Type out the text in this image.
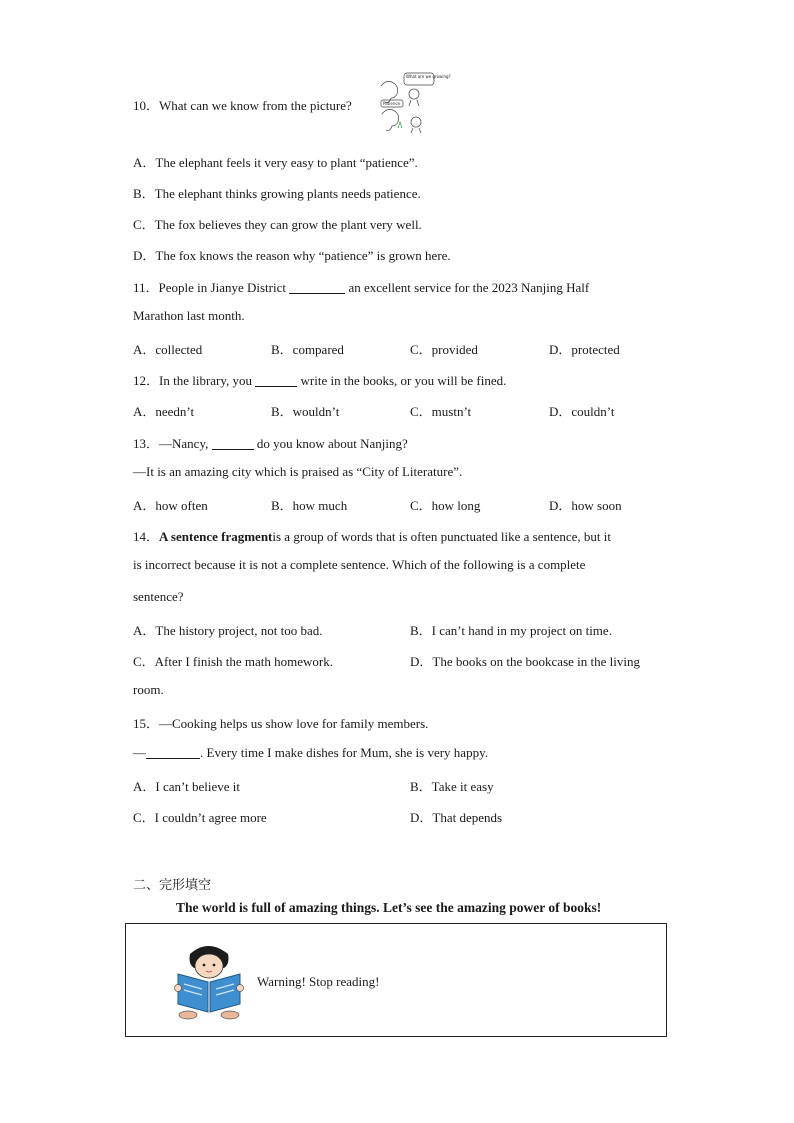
10．What can we know from the picture?
What are we growing?
Patience
A．The elephant feels it very easy to plant “patience”.
B．The elephant thinks growing plants needs patience.
C．The fox believes they can grow the plant very well.
D．The fox knows the reason why “patience” is grown here.
11．People in Jianye District	an excellent service for the 2023 Nanjing Half
Marathon last month.
A．collected	B．compared	C．provided	D．protected
12．In the library, you	write in the books, or you will be fined.
A．needn’t	B．wouldn’t	C．mustn’t	D．couldn’t
13．—Nancy,	do you know about Nanjing?
—It is an amazing city which is praised as “City of Literature”.
A．how often	B．how much	C．how long	D．how soon
14．A sentence fragmentis a group of words that is often punctuated like a sentence, but it
is incorrect because it is not a complete sentence. Which of the following is a complete
sentence?
A．The history project, not too bad.	B．I can’t hand in my project on time.
C．After I finish the math homework.	D．The books on the bookcase in the living
room.
15．—Cooking helps us show love for family members.
—	. Every time I make dishes for Mum, she is very happy.
A．I can’t believe it	B．Take it easy
C．I couldn’t agree more	D．That depends
二、完形填空
The world is full of amazing things. Let’s see the amazing power of books!
Warning! Stop reading!
